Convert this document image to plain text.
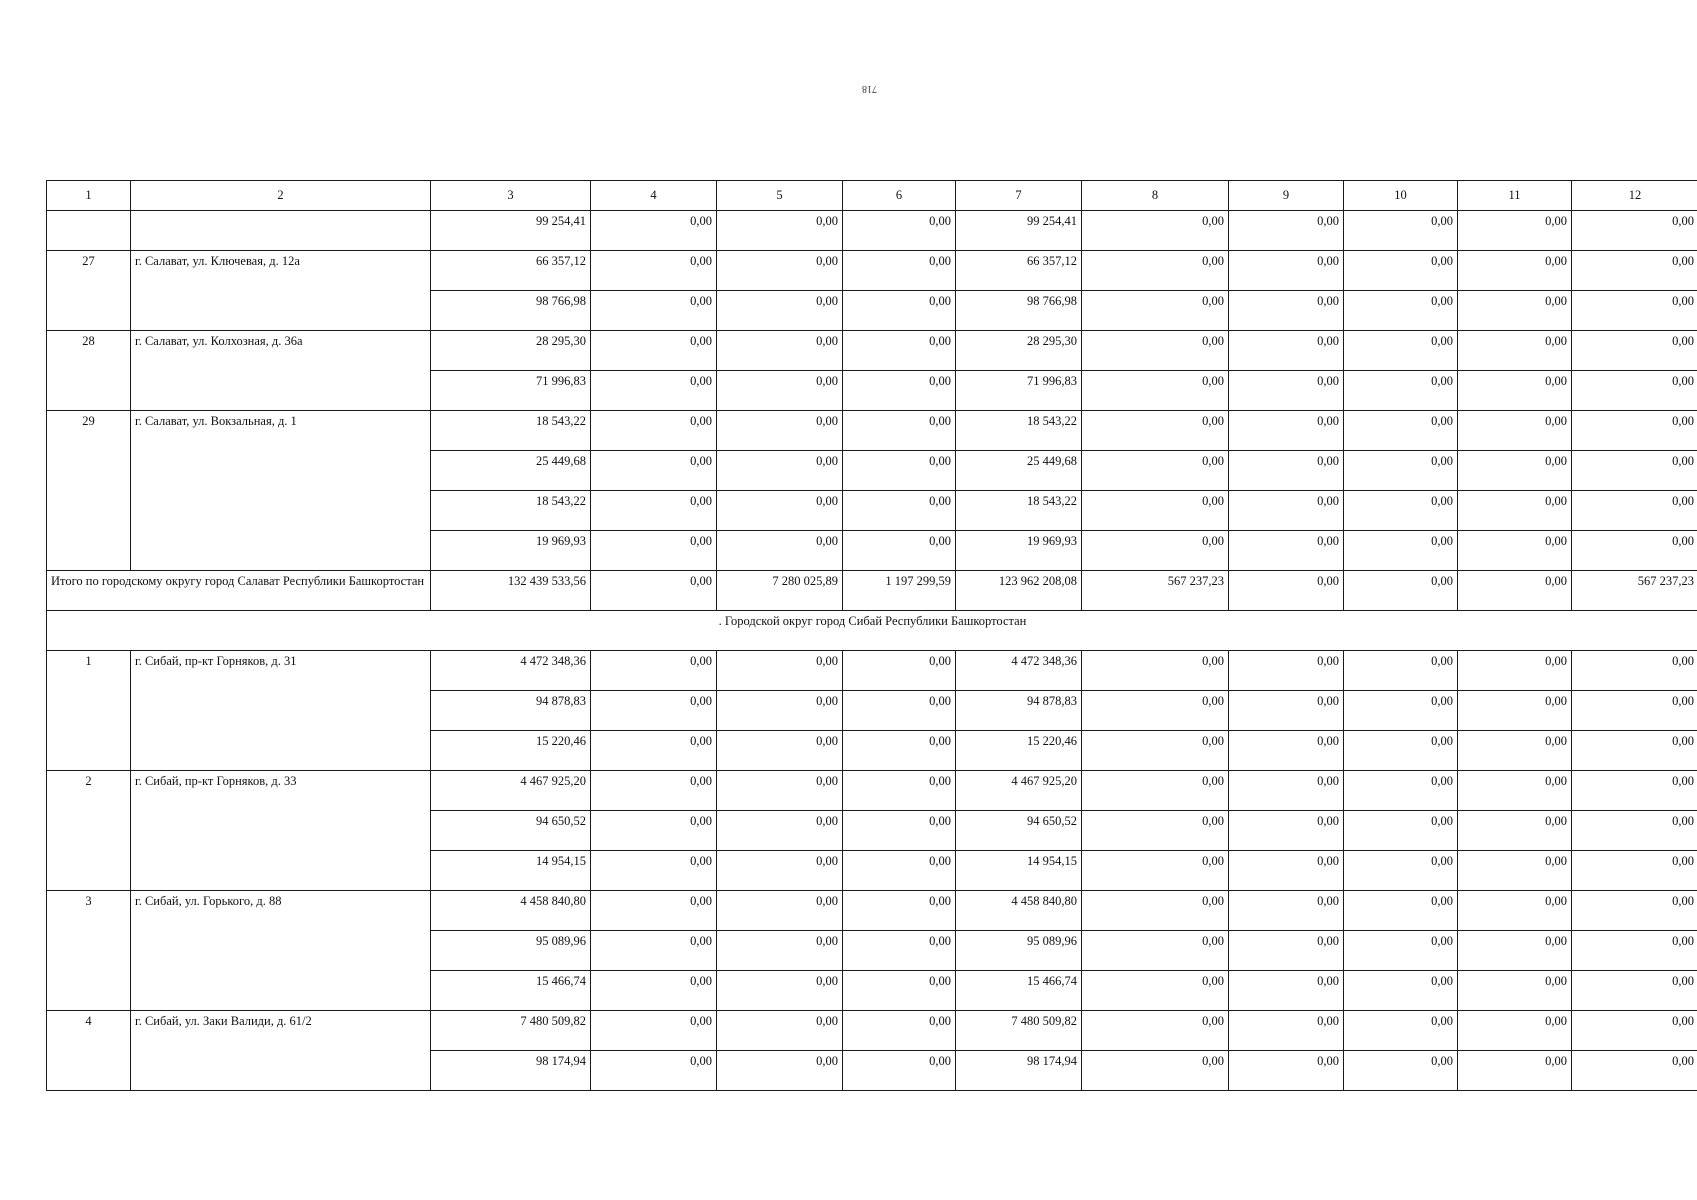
718
1	2	3	4	5	6	7	8	9	10	11	12
		99 254,41	0,00	0,00	0,00	99 254,41	0,00	0,00	0,00	0,00	0,00
27	г. Салават, ул. Ключевая, д. 12а	66 357,12	0,00	0,00	0,00	66 357,12	0,00	0,00	0,00	0,00	0,00
		98 766,98	0,00	0,00	0,00	98 766,98	0,00	0,00	0,00	0,00	0,00
28	г. Салават, ул. Колхозная, д. 36а	28 295,30	0,00	0,00	0,00	28 295,30	0,00	0,00	0,00	0,00	0,00
		71 996,83	0,00	0,00	0,00	71 996,83	0,00	0,00	0,00	0,00	0,00
29	г. Салават, ул. Вокзальная, д. 1	18 543,22	0,00	0,00	0,00	18 543,22	0,00	0,00	0,00	0,00	0,00
		25 449,68	0,00	0,00	0,00	25 449,68	0,00	0,00	0,00	0,00	0,00
		18 543,22	0,00	0,00	0,00	18 543,22	0,00	0,00	0,00	0,00	0,00
		19 969,93	0,00	0,00	0,00	19 969,93	0,00	0,00	0,00	0,00	0,00
Итого по городскому округу город Салават Республики Башкортостан		132 439 533,56	0,00	7 280 025,89	1 197 299,59	123 962 208,08	567 237,23	0,00	0,00	0,00	567 237,23
. Городской округ город Сибай Республики Башкортостан											
1	г. Сибай, пр-кт Горняков, д. 31	4 472 348,36	0,00	0,00	0,00	4 472 348,36	0,00	0,00	0,00	0,00	0,00
		94 878,83	0,00	0,00	0,00	94 878,83	0,00	0,00	0,00	0,00	0,00
		15 220,46	0,00	0,00	0,00	15 220,46	0,00	0,00	0,00	0,00	0,00
2	г. Сибай, пр-кт Горняков, д. 33	4 467 925,20	0,00	0,00	0,00	4 467 925,20	0,00	0,00	0,00	0,00	0,00
		94 650,52	0,00	0,00	0,00	94 650,52	0,00	0,00	0,00	0,00	0,00
		14 954,15	0,00	0,00	0,00	14 954,15	0,00	0,00	0,00	0,00	0,00
3	г. Сибай, ул. Горького, д. 88	4 458 840,80	0,00	0,00	0,00	4 458 840,80	0,00	0,00	0,00	0,00	0,00
		95 089,96	0,00	0,00	0,00	95 089,96	0,00	0,00	0,00	0,00	0,00
		15 466,74	0,00	0,00	0,00	15 466,74	0,00	0,00	0,00	0,00	0,00
4	г. Сибай, ул. Заки Валиди, д. 61/2	7 480 509,82	0,00	0,00	0,00	7 480 509,82	0,00	0,00	0,00	0,00	0,00
		98 174,94	0,00	0,00	0,00	98 174,94	0,00	0,00	0,00	0,00	0,00
